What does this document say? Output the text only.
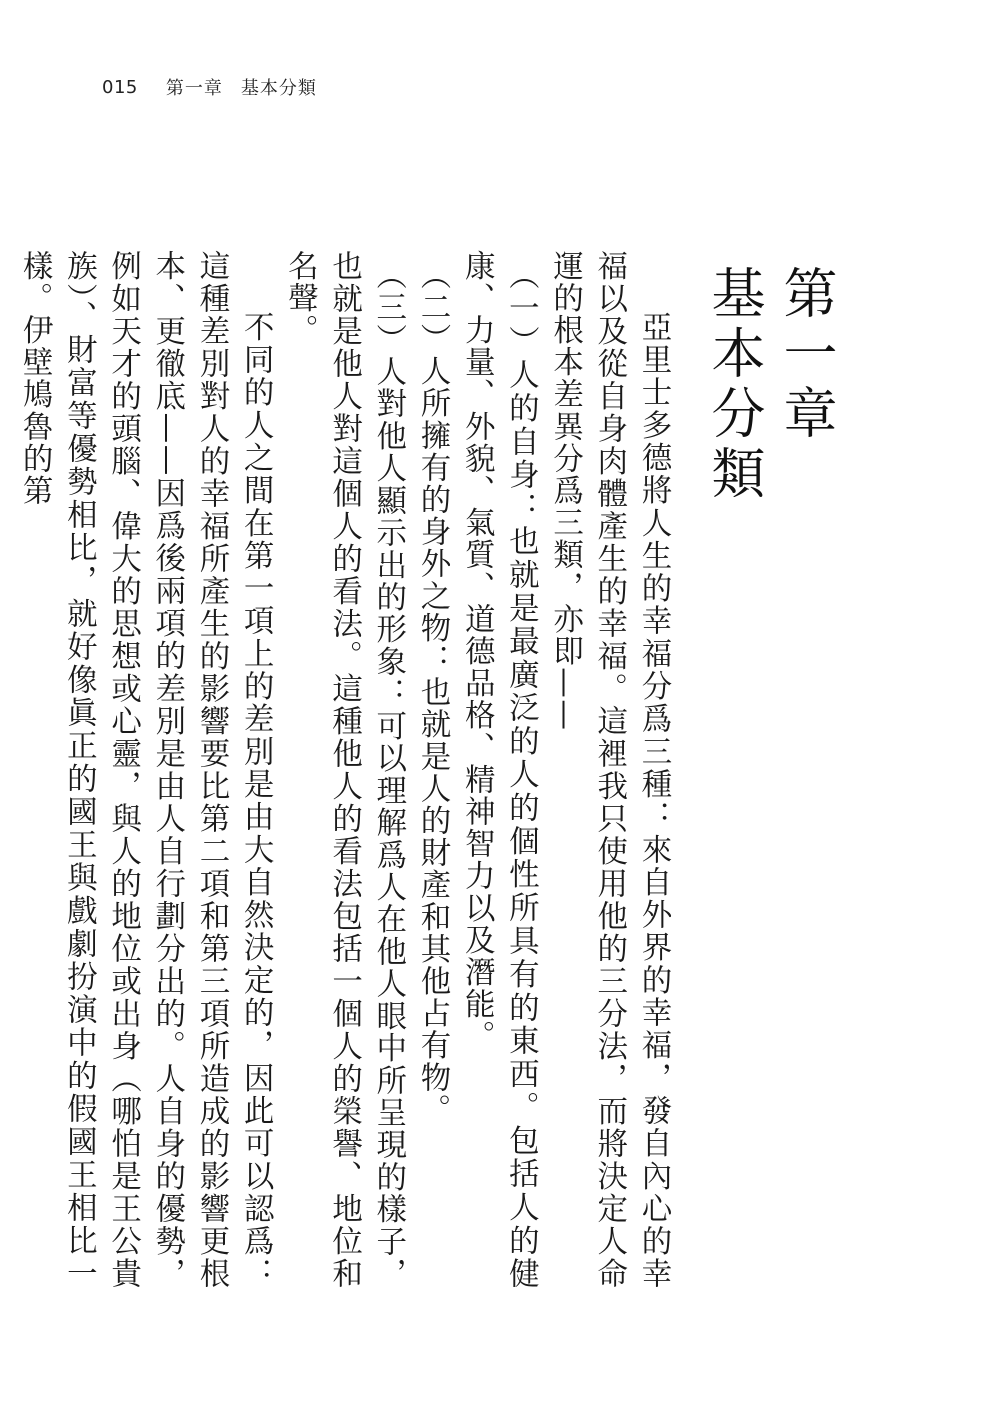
015 第一章 基本分類
第一章
基本分類

亞里士多德將人生的幸福分爲三種：來自外界的幸福，發自內心的幸福以及從自身肉體產生的幸福。這裡我只使用他的三分法，而將決定人命運的根本差異分爲三類，亦即——

（一）人的自身：也就是最廣泛的人的個性所具有的東西。包括人的健康、力量、外貌、氣質、道德品格、精神智力以及潛能。

（二）人所擁有的身外之物：也就是人的財產和其他占有物。

（三）人對他人顯示出的形象：可以理解爲人在他人眼中所呈現的樣子，也就是他人對這個人的看法。這種他人的看法包括一個人的榮譽、地位和名聲。

不同的人之間在第一項上的差別是由大自然決定的，因此可以認爲：這種差別對人的幸福所產生的影響要比第二項和第三項所造成的影響更根本、更徹底——因爲後兩項的差別是由人自行劃分出的。人自身的優勢，例如天才的頭腦、偉大的思想或心靈，與人的地位或出身（哪怕是王公貴族）、財富等優勢相比，就好像眞正的國王與戲劇扮演中的假國王相比一樣。伊壁鳩魯的第
